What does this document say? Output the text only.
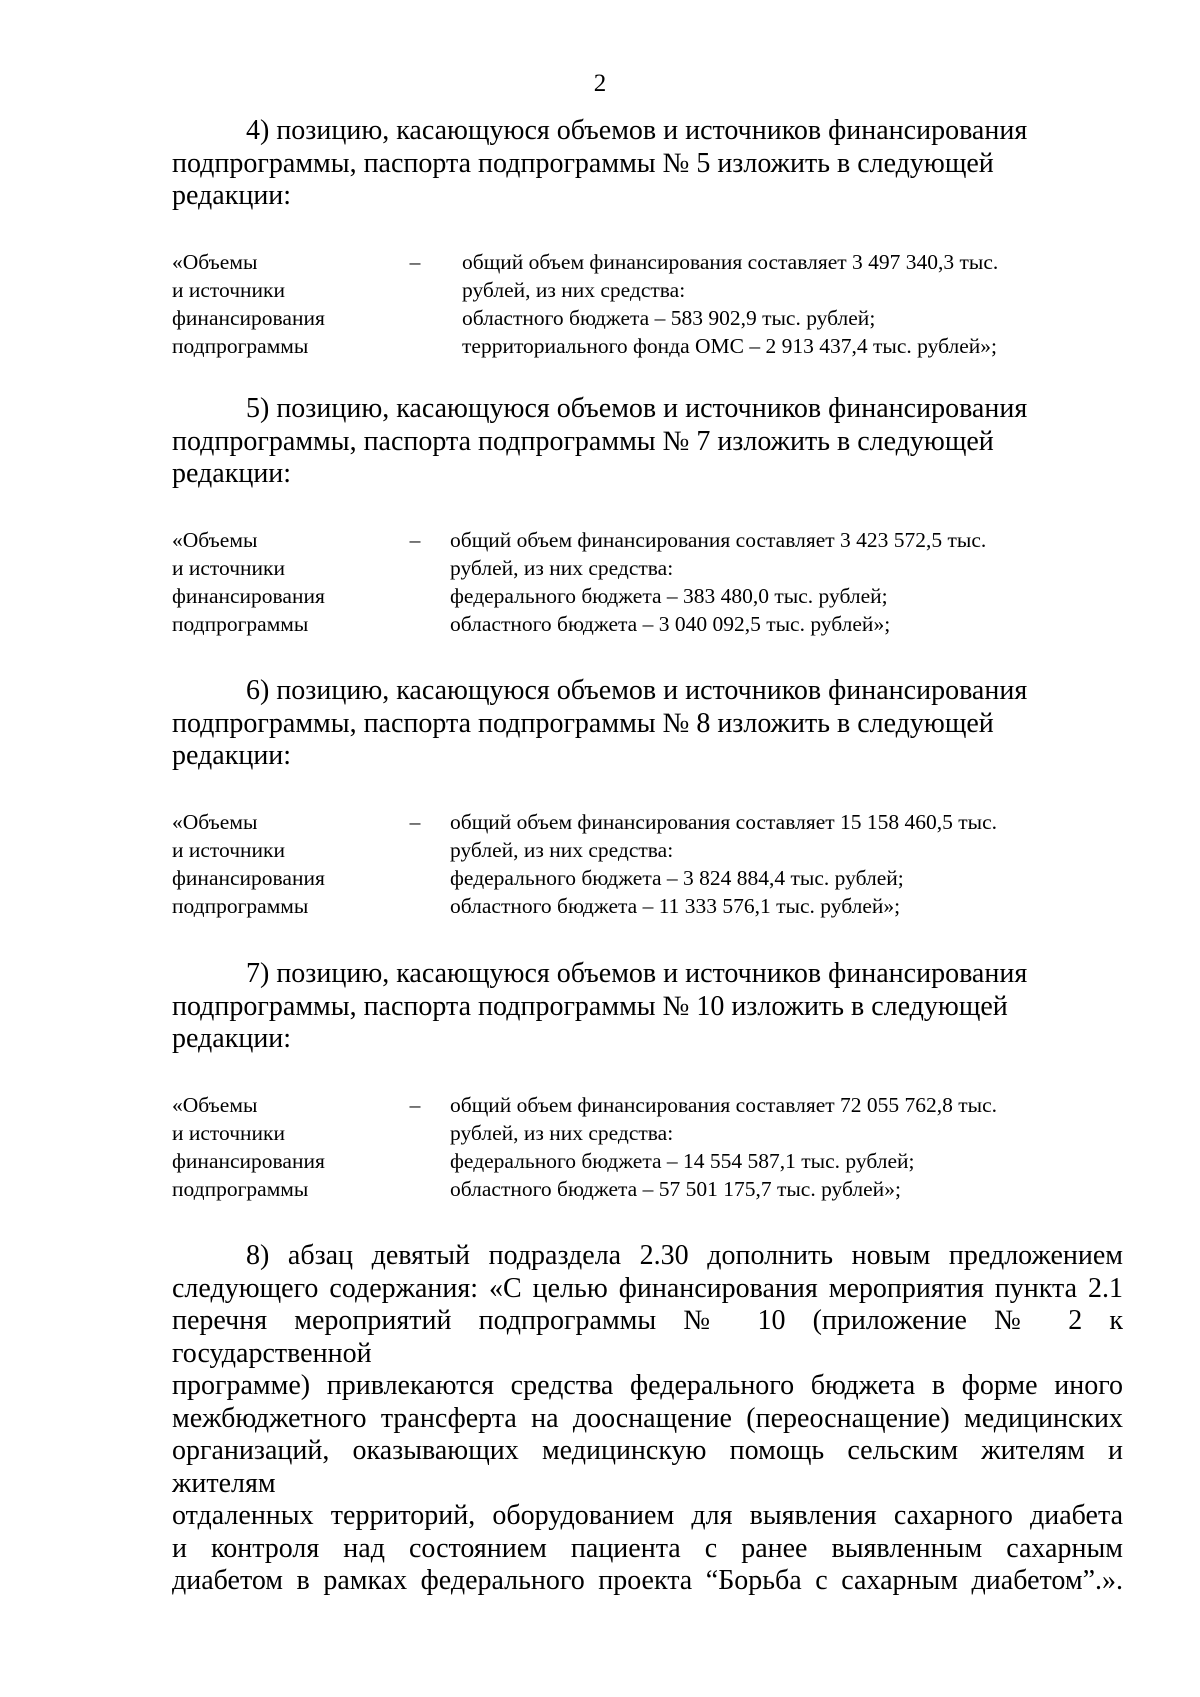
2
4) позицию, касающуюся объемов и источников финансирования
подпрограммы, паспорта подпрограммы № 5 изложить в следующей
редакции:
«Объемы
и источники
финансирования
подпрограммы
–	общий объем финансирования составляет 3 497 340,3 тыс.
рублей, из них средства:
областного бюджета – 583 902,9 тыс. рублей;
территориального фонда ОМС – 2 913 437,4 тыс. рублей»;
5) позицию, касающуюся объемов и источников финансирования
подпрограммы, паспорта подпрограммы № 7 изложить в следующей
редакции:
«Объемы
и источники
финансирования
подпрограммы
–	общий объем финансирования составляет 3 423 572,5 тыс.
рублей, из них средства:
федерального бюджета – 383 480,0 тыс. рублей;
областного бюджета – 3 040 092,5 тыс. рублей»;
6) позицию, касающуюся объемов и источников финансирования
подпрограммы, паспорта подпрограммы № 8 изложить в следующей
редакции:
«Объемы
и источники
финансирования
подпрограммы
–	общий объем финансирования составляет 15 158 460,5 тыс.
рублей, из них средства:
федерального бюджета – 3 824 884,4 тыс. рублей;
областного бюджета – 11 333 576,1 тыс. рублей»;
7) позицию, касающуюся объемов и источников финансирования
подпрограммы, паспорта подпрограммы № 10 изложить в следующей
редакции:
«Объемы
и источники
финансирования
подпрограммы
–	общий объем финансирования составляет 72 055 762,8 тыс.
рублей, из них средства:
федерального бюджета – 14 554 587,1 тыс. рублей;
областного бюджета – 57 501 175,7 тыс. рублей»;
8) абзац девятый подраздела 2.30 дополнить новым предложением
следующего содержания: «С целью финансирования мероприятия пункта 2.1
перечня мероприятий подпрограммы № 10 (приложение № 2 к государственной
программе) привлекаются средства федерального бюджета в форме иного
межбюджетного трансферта на дооснащение (переоснащение) медицинских
организаций, оказывающих медицинскую помощь сельским жителям и жителям
отдаленных территорий, оборудованием для выявления сахарного диабета
и контроля над состоянием пациента с ранее выявленным сахарным
диабетом в рамках федерального проекта “Борьба с сахарным диабетом”.».
